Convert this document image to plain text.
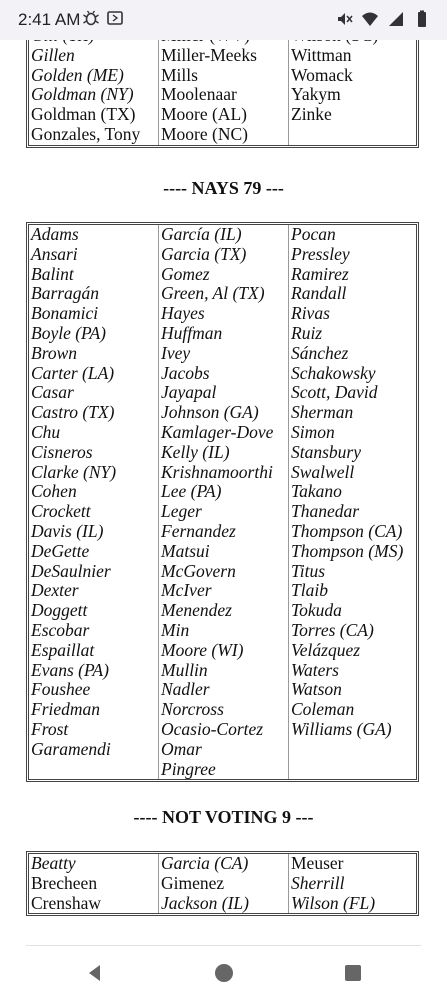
2:41 AM
Gillen
Golden (ME)
Goldman (NY)
Goldman (TX)
Gonzales, Tony
Miller-Meeks
Mills
Moolenaar
Moore (AL)
Moore (NC)
Wittman
Womack
Yakym
Zinke
---- NAYS 79 ---
Adams
Ansari
Balint
Barragán
Bonamici
Boyle (PA)
Brown
Carter (LA)
Casar
Castro (TX)
Chu
Cisneros
Clarke (NY)
Cohen
Crockett
Davis (IL)
DeGette
DeSaulnier
Dexter
Doggett
Escobar
Espaillat
Evans (PA)
Foushee
Friedman
Frost
Garamendi
García (IL)
Garcia (TX)
Gomez
Green, Al (TX)
Hayes
Huffman
Ivey
Jacobs
Jayapal
Johnson (GA)
Kamlager-Dove
Kelly (IL)
Krishnamoorthi
Lee (PA)
Leger
Fernandez
Matsui
McGovern
McIver
Menendez
Min
Moore (WI)
Mullin
Nadler
Norcross
Ocasio-Cortez
Omar
Pingree
Pocan
Pressley
Ramirez
Randall
Rivas
Ruiz
Sánchez
Schakowsky
Scott, David
Sherman
Simon
Stansbury
Swalwell
Takano
Thanedar
Thompson (CA)
Thompson (MS)
Titus
Tlaib
Tokuda
Torres (CA)
Velázquez
Waters
Watson
Coleman
Williams (GA)
---- NOT VOTING 9 ---
Beatty
Brecheen
Crenshaw
Garcia (CA)
Gimenez
Jackson (IL)
Meuser
Sherrill
Wilson (FL)
